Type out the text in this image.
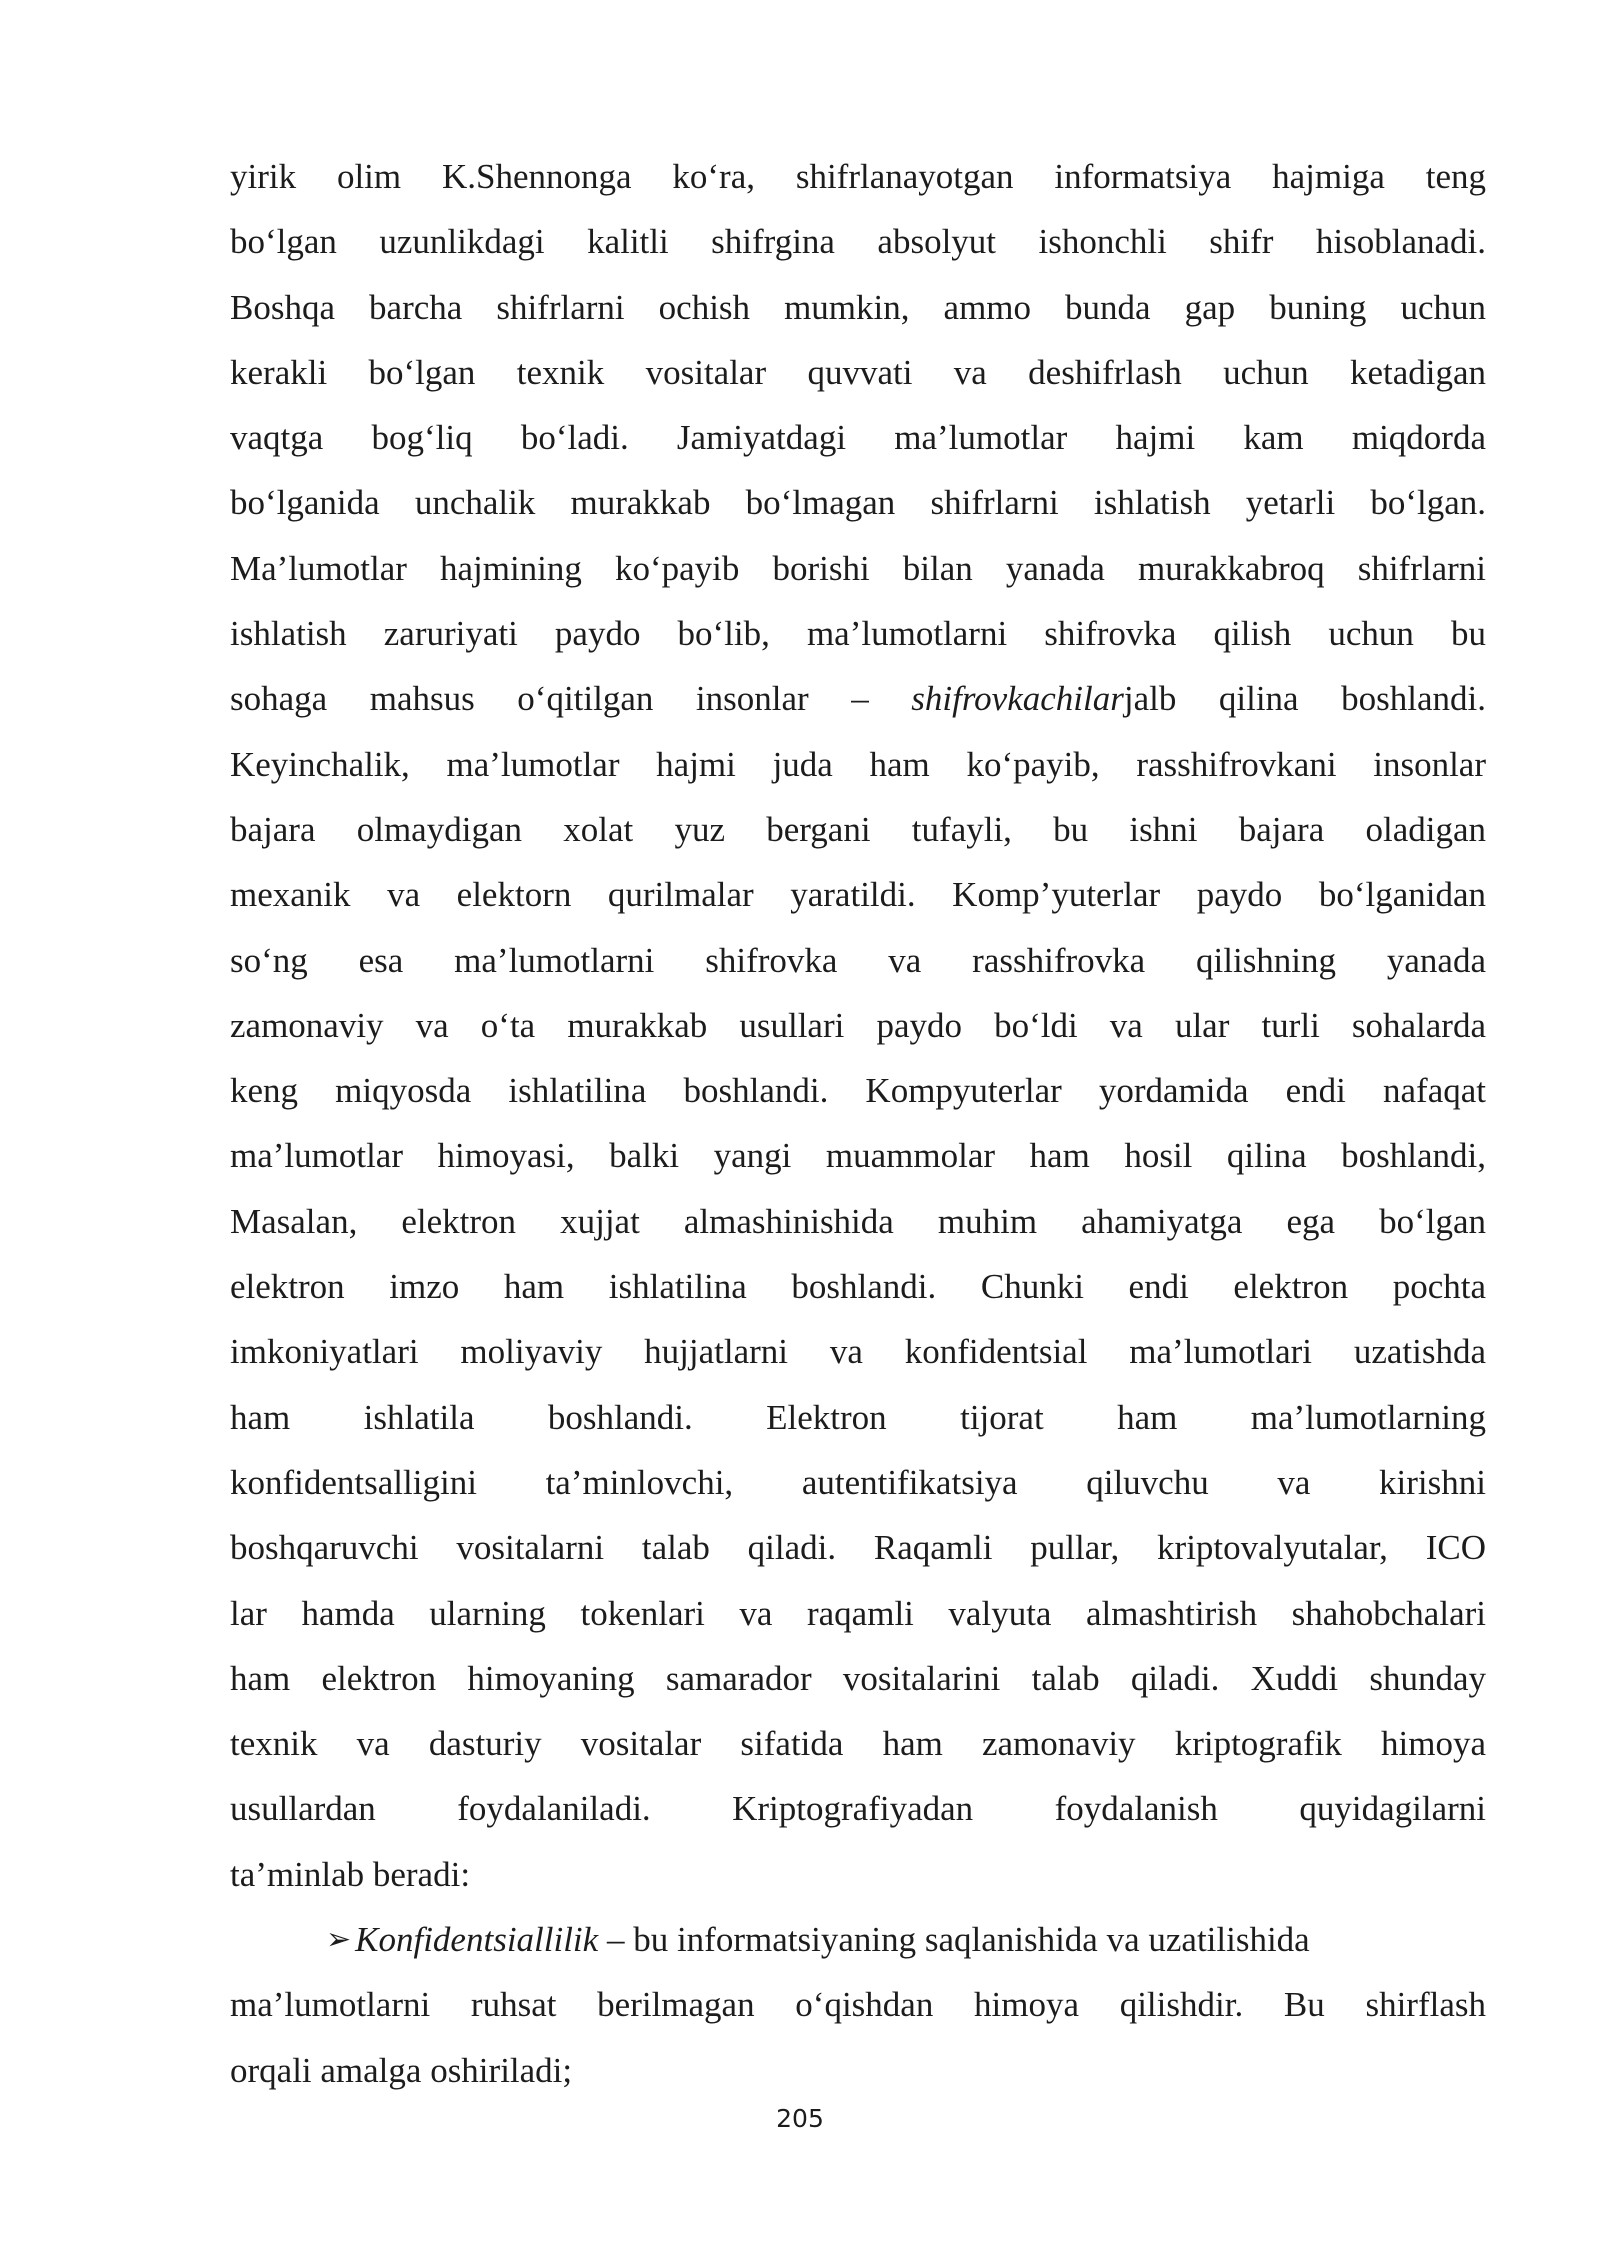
yirik olim K.Shennonga ko‘ra, shifrlanayotgan informatsiya hajmiga teng
bo‘lgan uzunlikdagi kalitli shifrgina absolyut ishonchli shifr hisoblanadi.
Boshqa barcha shifrlarni ochish mumkin, ammo bunda gap buning uchun
kerakli bo‘lgan texnik vositalar quvvati va deshifrlash uchun ketadigan
vaqtga bog‘liq bo‘ladi. Jamiyatdagi ma’lumotlar hajmi kam miqdorda
bo‘lganida unchalik murakkab bo‘lmagan shifrlarni ishlatish yetarli bo‘lgan.
Ma’lumotlar hajmining ko‘payib borishi bilan yanada murakkabroq shifrlarni
ishlatish zaruriyati paydo bo‘lib, ma’lumotlarni shifrovka qilish uchun bu
sohaga mahsus o‘qitilgan insonlar – shifrovkachilarjalb qilina boshlandi.
Keyinchalik, ma’lumotlar hajmi juda ham ko‘payib, rasshifrovkani insonlar
bajara olmaydigan xolat yuz bergani tufayli, bu ishni bajara oladigan
mexanik va elektorn qurilmalar yaratildi. Komp’yuterlar paydo bo‘lganidan
so‘ng esa ma’lumotlarni shifrovka va rasshifrovka qilishning yanada
zamonaviy va o‘ta murakkab usullari paydo bo‘ldi va ular turli sohalarda
keng miqyosda ishlatilina boshlandi. Kompyuterlar yordamida endi nafaqat
ma’lumotlar himoyasi, balki yangi muammolar ham hosil qilina boshlandi,
Masalan, elektron xujjat almashinishida muhim ahamiyatga ega bo‘lgan
elektron imzo ham ishlatilina boshlandi. Chunki endi elektron pochta
imkoniyatlari moliyaviy hujjatlarni va konfidentsial ma’lumotlari uzatishda
ham ishlatila boshlandi. Elektron tijorat ham ma’lumotlarning
konfidentsalligini ta’minlovchi, autentifikatsiya qiluvchu va kirishni
boshqaruvchi vositalarni talab qiladi. Raqamli pullar, kriptovalyutalar, ICO
lar hamda ularning tokenlari va raqamli valyuta almashtirish shahobchalari
ham elektron himoyaning samarador vositalarini talab qiladi. Xuddi shunday
texnik va dasturiy vositalar sifatida ham zamonaviy kriptografik himoya
usullardan foydalaniladi. Kriptografiyadan foydalanish quyidagilarni
ta’minlab beradi:
➢ Konfidentsiallilik – bu informatsiyaning saqlanishida va uzatilishida
ma’lumotlarni ruhsat berilmagan o‘qishdan himoya qilishdir. Bu shirflash
orqali amalga oshiriladi;
205
